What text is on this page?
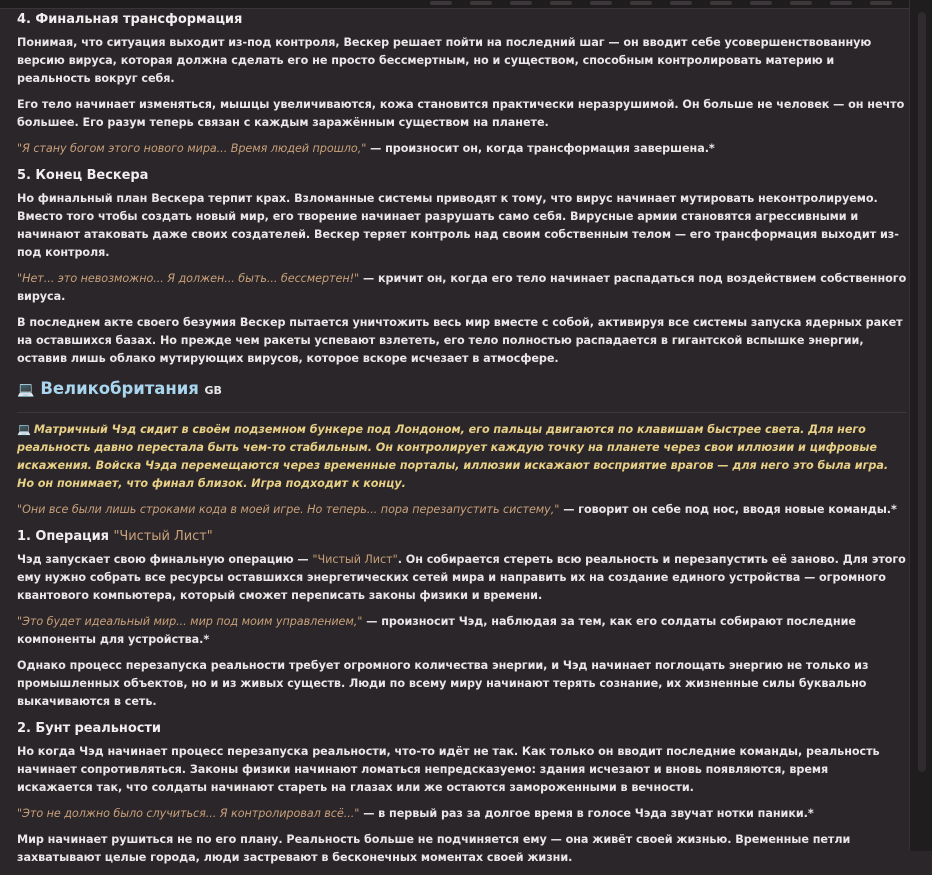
4. Финальная трансформация

Понимая, что ситуация выходит из-под контроля, Вескер решает пойти на последний шаг — он вводит себе усовершенствованную версию вируса, которая должна сделать его не просто бессмертным, но и существом, способным контролировать материю и реальность вокруг себя.

Его тело начинает изменяться, мышцы увеличиваются, кожа становится практически неразрушимой. Он больше не человек — он нечто большее. Его разум теперь связан с каждым заражённым существом на планете.

"Я стану богом этого нового мира... Время людей прошло," — произносит он, когда трансформация завершена.*

5. Конец Вескера

Но финальный план Вескера терпит крах. Взломанные системы приводят к тому, что вирус начинает мутировать неконтролируемо. Вместо того чтобы создать новый мир, его творение начинает разрушать само себя. Вирусные армии становятся агрессивными и начинают атаковать даже своих создателей. Вескер теряет контроль над своим собственным телом — его трансформация выходит из-под контроля.

"Нет... это невозможно... Я должен... быть... бессмертен!" — кричит он, когда его тело начинает распадаться под воздействием собственного вируса.

В последнем акте своего безумия Вескер пытается уничтожить весь мир вместе с собой, активируя все системы запуска ядерных ракет на оставшихся базах. Но прежде чем ракеты успевают взлететь, его тело полностью распадается в гигантской вспышке энергии, оставив лишь облако мутирующих вирусов, которое вскоре исчезает в атмосфере.

💻 Великобритания GB

💻 Матричный Чэд сидит в своём подземном бункере под Лондоном, его пальцы двигаются по клавишам быстрее света. Для него реальность давно перестала быть чем-то стабильным. Он контролирует каждую точку на планете через свои иллюзии и цифровые искажения. Войска Чэда перемещаются через временные порталы, иллюзии искажают восприятие врагов — для него это была игра. Но он понимает, что финал близок. Игра подходит к концу.

"Они все были лишь строками кода в моей игре. Но теперь... пора перезапустить систему," — говорит он себе под нос, вводя новые команды.*

1. Операция "Чистый Лист"

Чэд запускает свою финальную операцию — "Чистый Лист". Он собирается стереть всю реальность и перезапустить её заново. Для этого ему нужно собрать все ресурсы оставшихся энергетических сетей мира и направить их на создание единого устройства — огромного квантового компьютера, который сможет переписать законы физики и времени.

"Это будет идеальный мир... мир под моим управлением," — произносит Чэд, наблюдая за тем, как его солдаты собирают последние компоненты для устройства.*

Однако процесс перезапуска реальности требует огромного количества энергии, и Чэд начинает поглощать энергию не только из промышленных объектов, но и из живых существ. Люди по всему миру начинают терять сознание, их жизненные силы буквально выкачиваются в сеть.

2. Бунт реальности

Но когда Чэд начинает процесс перезапуска реальности, что-то идёт не так. Как только он вводит последние команды, реальность начинает сопротивляться. Законы физики начинают ломаться непредсказуемо: здания исчезают и вновь появляются, время искажается так, что солдаты начинают стареть на глазах или же остаются замороженными в вечности.

"Это не должно было случиться... Я контролировал всё..." — в первый раз за долгое время в голосе Чэда звучат нотки паники.*

Мир начинает рушиться не по его плану. Реальность больше не подчиняется ему — она живёт своей жизнью. Временные петли захватывают целые города, люди застревают в бесконечных моментах своей жизни.
